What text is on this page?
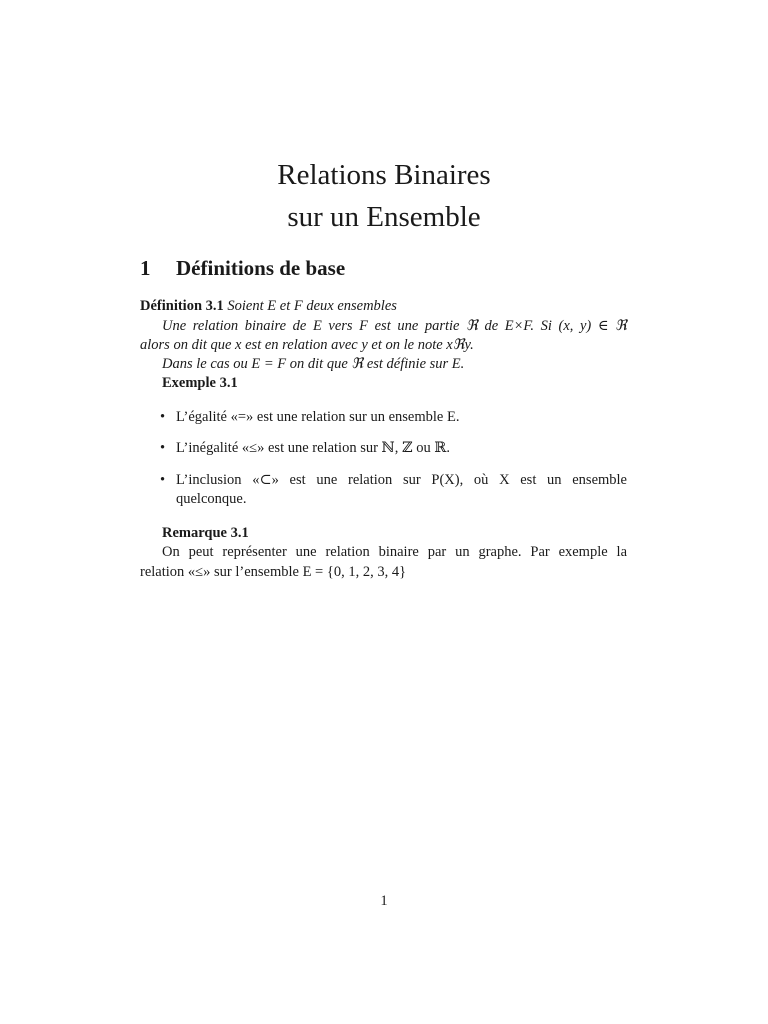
Relations Binaires
sur un Ensemble
1 Définitions de base
Définition 3.1 Soient E et F deux ensembles
Une relation binaire de E vers F est une partie ℜ de E×F. Si (x, y) ∈ ℜ
alors on dit que x est en relation avec y et on le note xℜy.
Dans le cas ou E = F on dit que ℜ est définie sur E.
Exemple 3.1
• L’égalité «=» est une relation sur un ensemble E.
• L’inégalité «≤» est une relation sur ℕ, ℤ ou ℝ.
• L’inclusion «⊂» est une relation sur P(X), où X est un ensemble
quelconque.
Remarque 3.1
On peut représenter une relation binaire par un graphe. Par exemple la
relation «≤» sur l’ensemble E = {0, 1, 2, 3, 4}
1
